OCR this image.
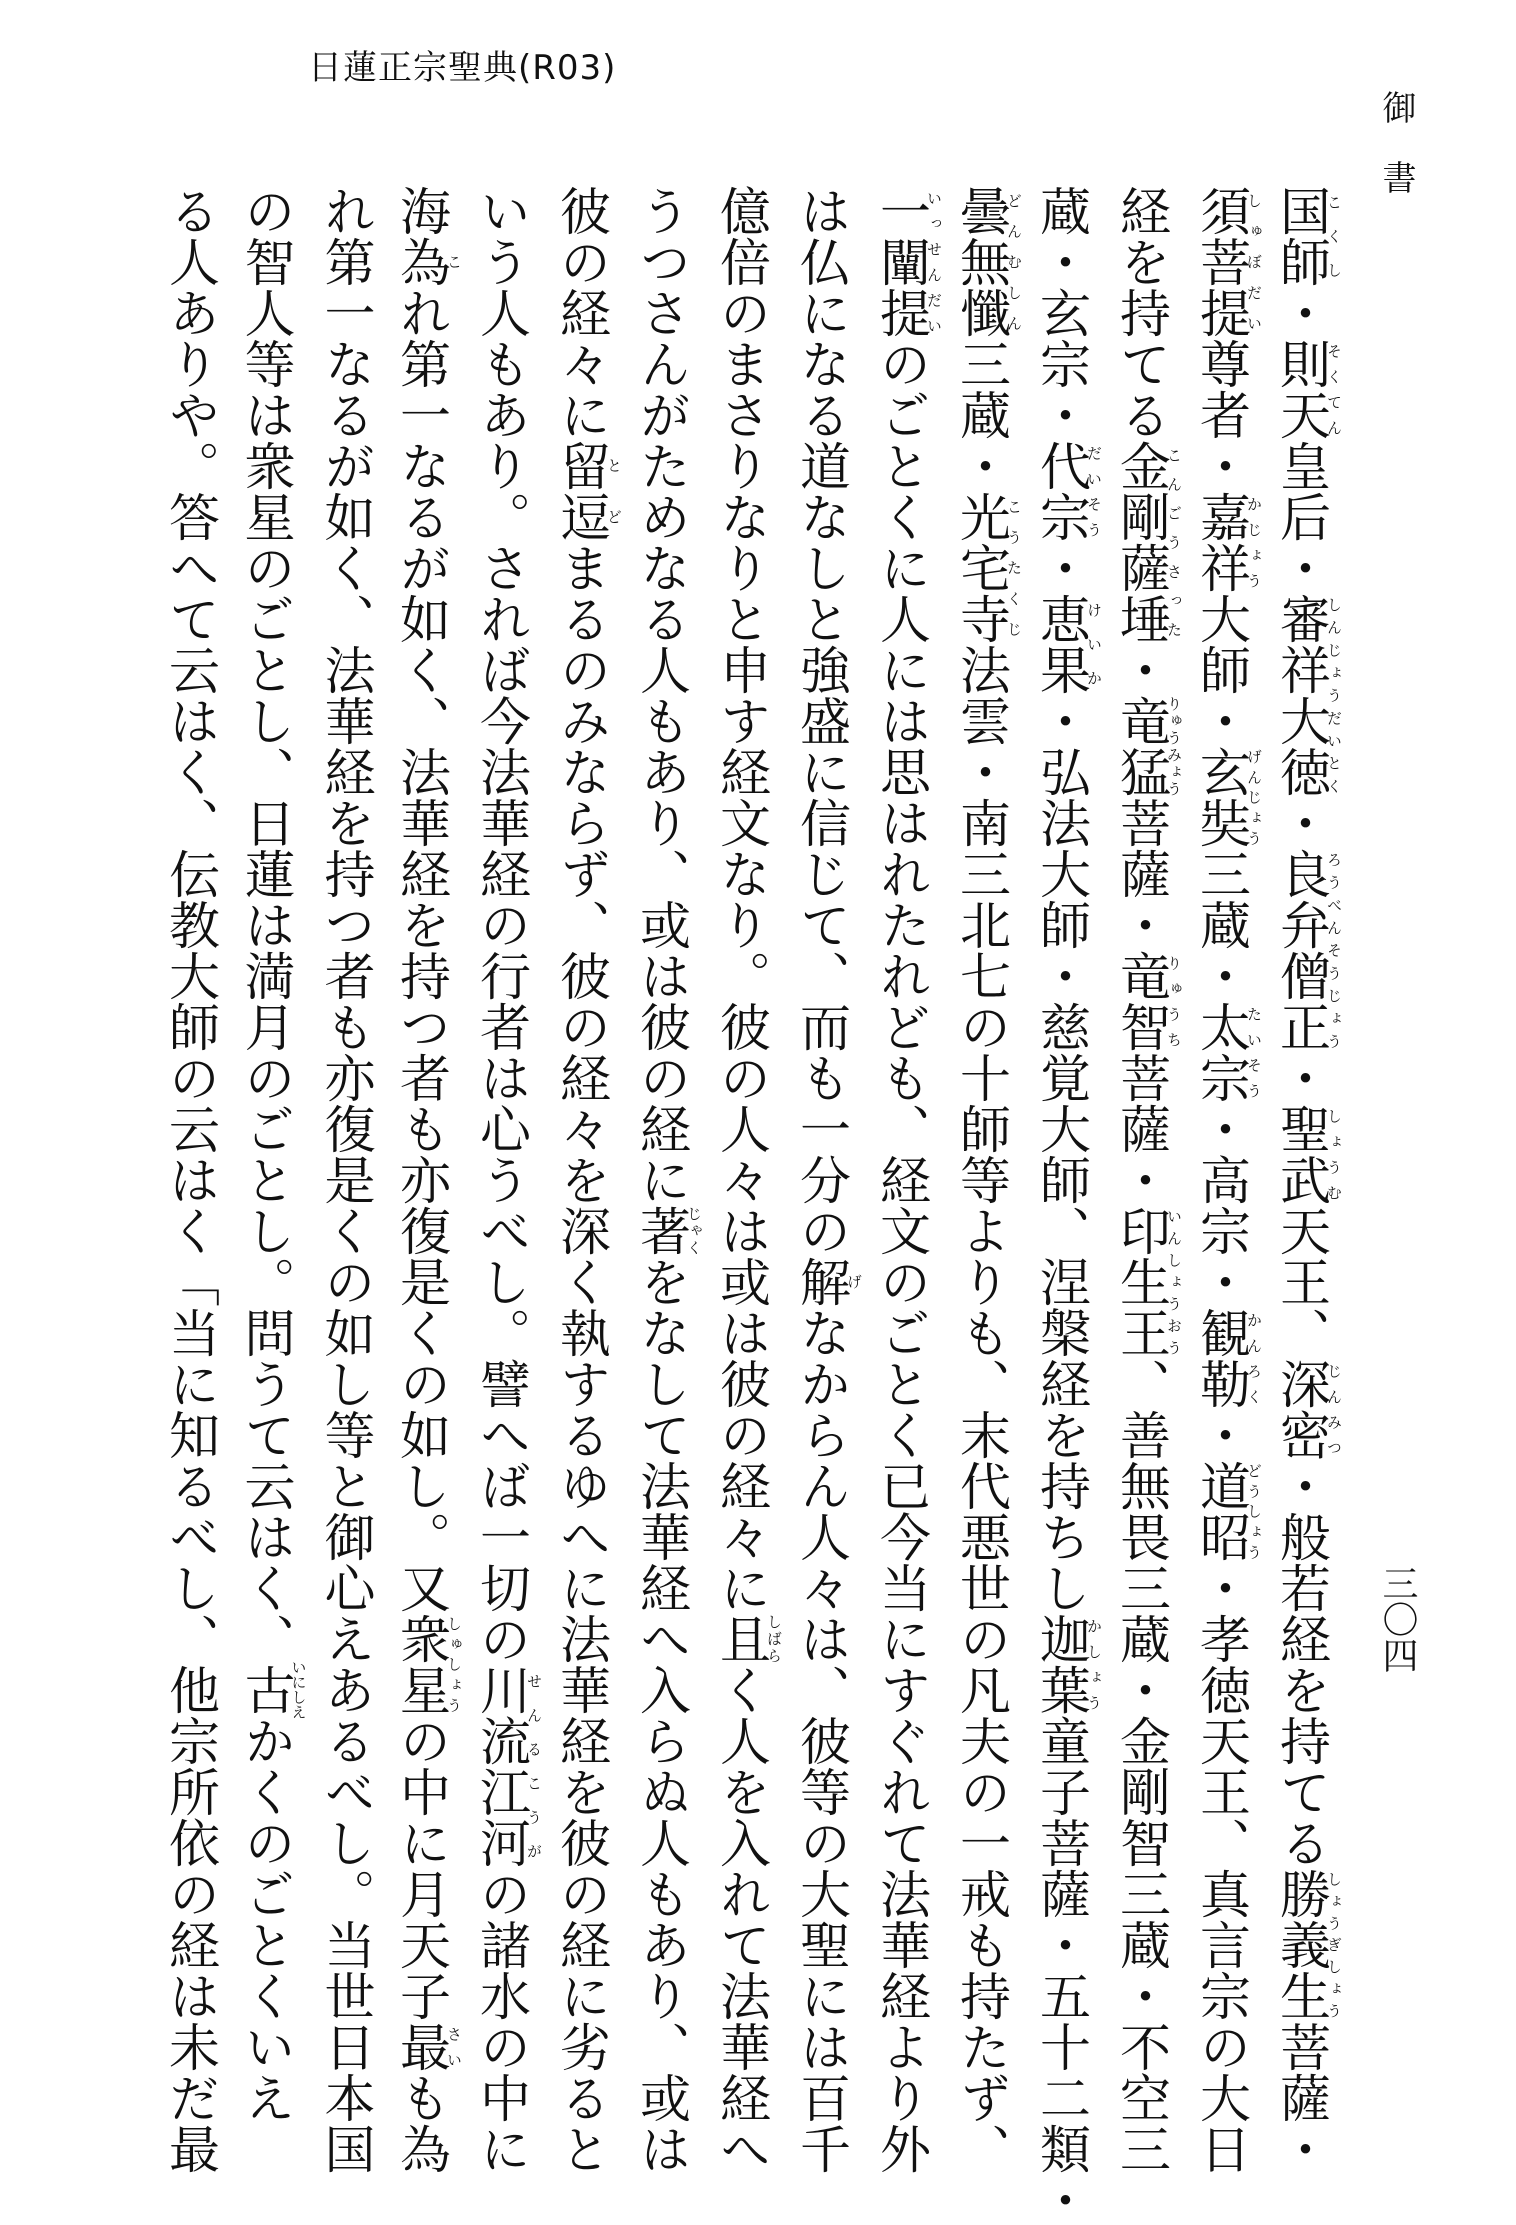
日蓮正宗聖典(R03)
御書
三〇四
国師こくし・則天そくてん皇后・審祥大徳しんじょうだいとく・良弁僧正ろうべんそうじょう・聖武しょうむ天王、深密じんみつ・般若経を持てる勝義生しょうぎしょう菩薩・
須菩提しゅぼだい尊者・嘉祥かじょう大師・玄奘げんじょう三蔵・太宗たいそう・高宗・観勒かんろく・道昭どうしょう・孝徳天王、真言宗の大日
経を持てる金剛薩埵こんごうさった・竜猛りゅうみょう菩薩・竜智りゅうち菩薩・印生王いんしょうおう、善無畏三蔵・金剛智三蔵・不空三
蔵・玄宗・代宗だいそう・恵果けいか・弘法大師・慈覚大師、涅槃経を持ちし迦葉かしょう童子菩薩・五十二類・
曇無懺どんむしん三蔵・光宅寺こうたくじ法雲・南三北七の十師等よりも、末代悪世の凡夫の一戒も持たず、
一闡提いっせんだいのごとくに人には思はれたれども、経文のごとく已今当にすぐれて法華経より外
は仏になる道なしと強盛に信じて、而も一分の解げなからん人々は、彼等の大聖には百千
億倍のまさりなりと申す経文なり。彼の人々は或は彼の経々に且しばらく人を入れて法華経へ
うつさんがためなる人もあり、或は彼の経に著じゃくをなして法華経へ入らぬ人もあり、或は
彼の経々に留と逗どまるのみならず、彼の経々を深く執するゆへに法華経を彼の経に劣ると
いう人もあり。されば今法華経の行者は心うべし。譬へば一切の川流江河せんるこうがの諸水の中に
海為これ第一なるが如く、法華経を持つ者も亦復是くの如し。又衆星しゅしょうの中に月天子最さいも為
れ第一なるが如く、法華経を持つ者も亦復是くの如し等と御心えあるべし。当世日本国
の智人等は衆星のごとし、日蓮は満月のごとし。問うて云はく、古いにしえかくのごとくいえ
る人ありや。答へて云はく、伝教大師の云はく「当に知るべし、他宗所依の経は未だ最
